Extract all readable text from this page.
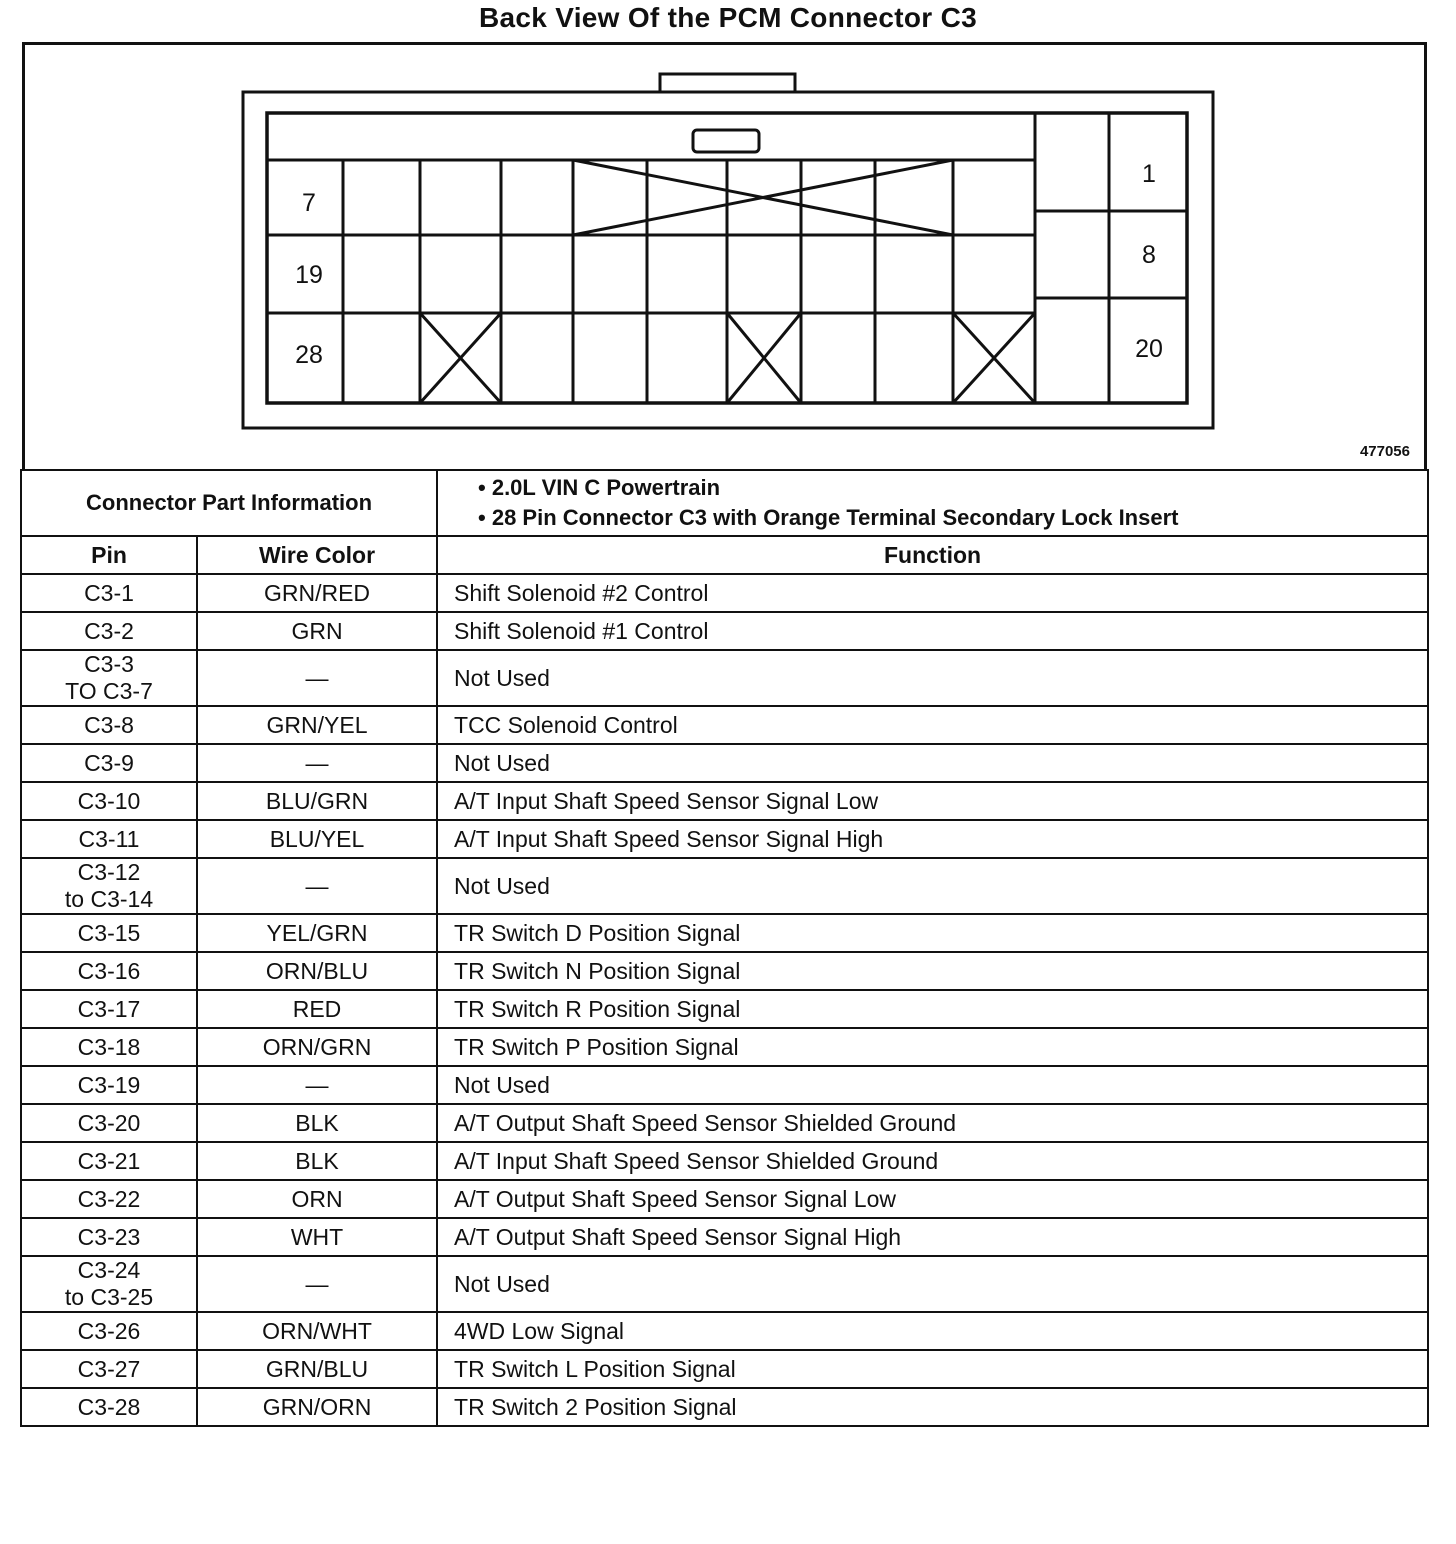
Back View Of the PCM Connector C3
7
19
28
1
8
20
477056
Connector Part Information		• 2.0L VIN C Powertrain
• 28 Pin Connector C3 with Orange Terminal Secondary Lock Insert

Pin	Wire Color	Function
C3-1	GRN/RED	Shift Solenoid #2 Control
C3-2	GRN	Shift Solenoid #1 Control

C3-3
TO C3-7	—	Not Used
C3-8	GRN/YEL	TCC Solenoid Control
C3-9	—	Not Used
C3-10	BLU/GRN	A/T Input Shaft Speed Sensor Signal Low
C3-11	BLU/YEL	A/T Input Shaft Speed Sensor Signal High

C3-12
to C3-14	—	Not Used
C3-15	YEL/GRN	TR Switch D Position Signal
C3-16	ORN/BLU	TR Switch N Position Signal
C3-17	RED	TR Switch R Position Signal
C3-18	ORN/GRN	TR Switch P Position Signal
C3-19	—	Not Used
C3-20	BLK	A/T Output Shaft Speed Sensor Shielded Ground
C3-21	BLK	A/T Input Shaft Speed Sensor Shielded Ground
C3-22	ORN	A/T Output Shaft Speed Sensor Signal Low
C3-23	WHT	A/T Output Shaft Speed Sensor Signal High

C3-24
to C3-25	—	Not Used
C3-26	ORN/WHT	4WD Low Signal
C3-27	GRN/BLU	TR Switch L Position Signal
C3-28	GRN/ORN	TR Switch 2 Position Signal
